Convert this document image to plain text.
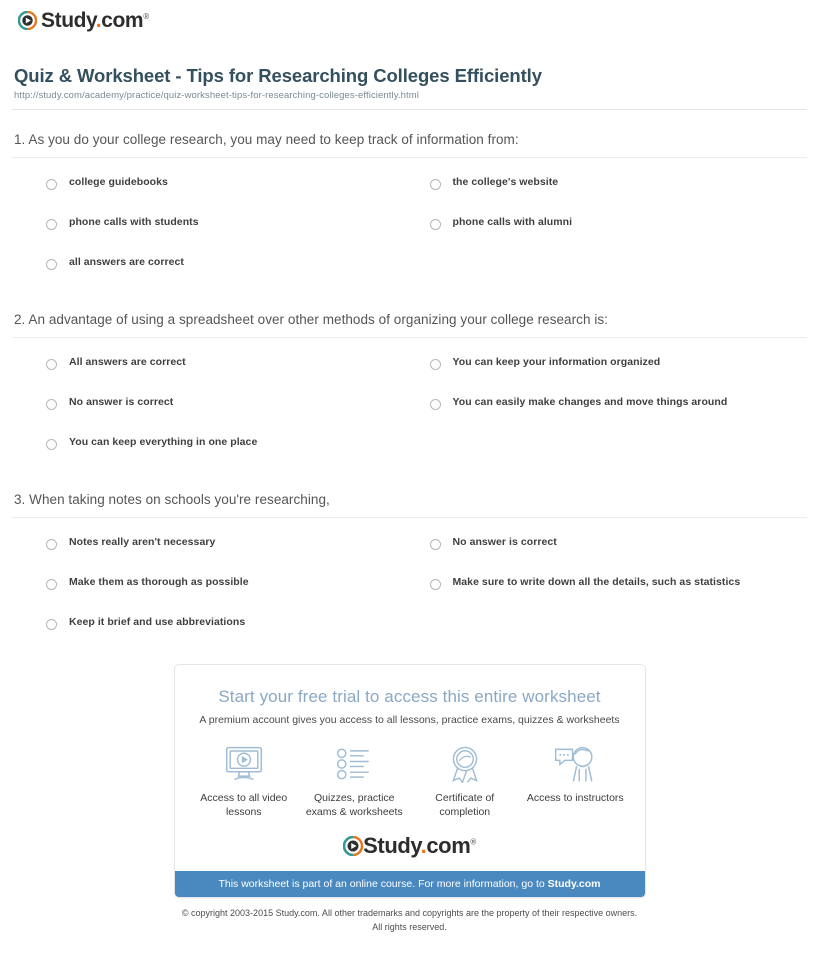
Study.com®
Quiz & Worksheet - Tips for Researching Colleges Efficiently
http://study.com/academy/practice/quiz-worksheet-tips-for-researching-colleges-efficiently.html
1. As you do your college research, you may need to keep track of information from:
college guidebooks	the college's website
phone calls with students	phone calls with alumni
all answers are correct
2. An advantage of using a spreadsheet over other methods of organizing your college research is:
All answers are correct	You can keep your information organized
No answer is correct	You can easily make changes and move things around
You can keep everything in one place
3. When taking notes on schools you're researching,
Notes really aren't necessary	No answer is correct
Make them as thorough as possible	Make sure to write down all the details, such as statistics
Keep it brief and use abbreviations
Start your free trial to access this entire worksheet
A premium account gives you access to all lessons, practice exams, quizzes & worksheets
Access to all video lessons
Quizzes, practice exams & worksheets
Certificate of completion
Access to instructors
Study.com®
This worksheet is part of an online course. For more information, go to Study.com
© copyright 2003-2015 Study.com. All other trademarks and copyrights are the property of their respective owners.
All rights reserved.
